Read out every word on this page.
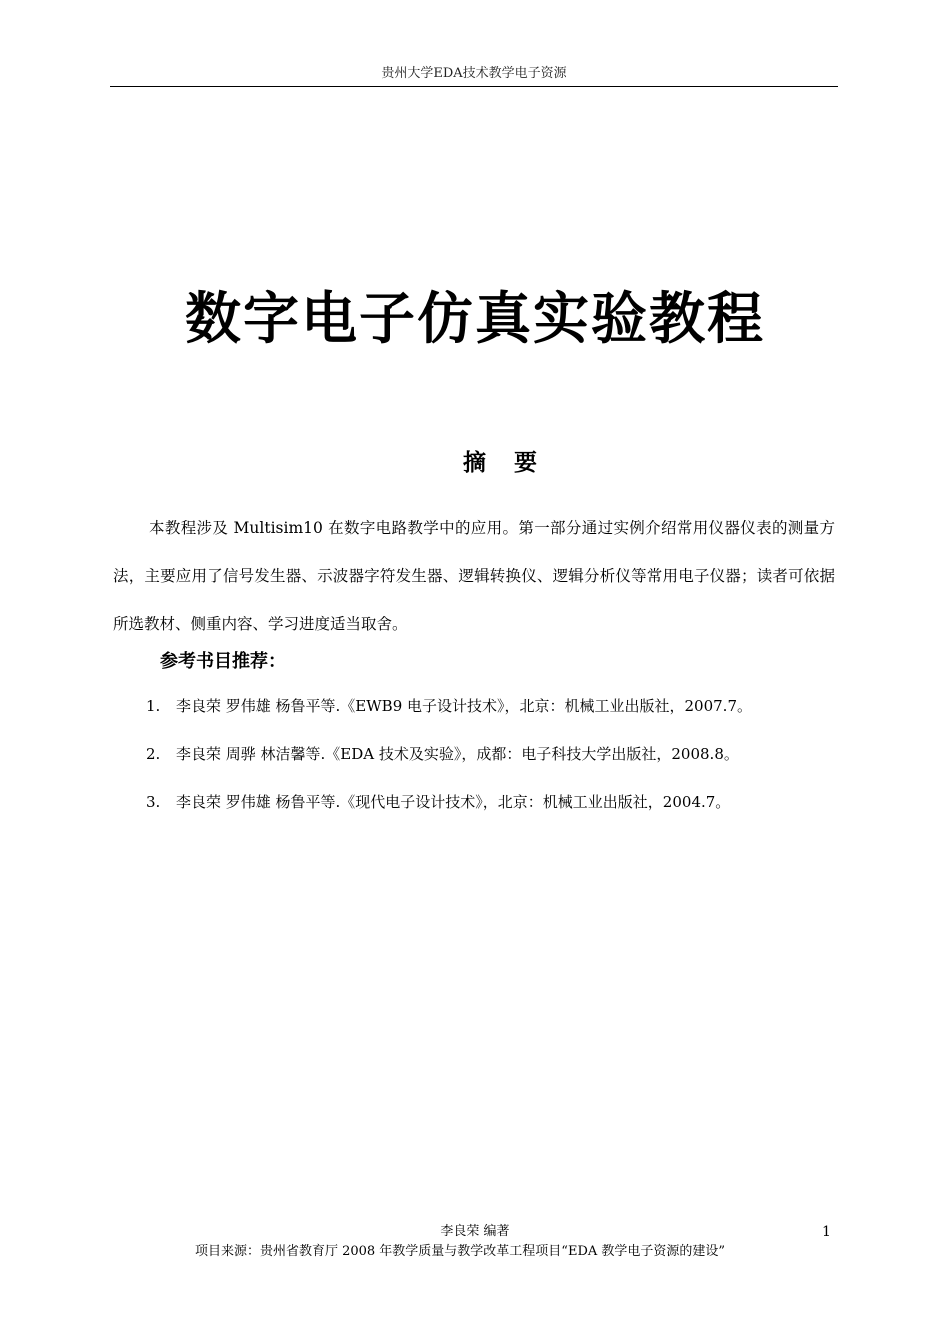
贵州大学EDA技术教学电子资源
数字电子仿真实验教程
摘 要

本教程涉及 Multisim10 在数字电路教学中的应用。第一部分通过实例介绍常用仪器仪表的测量方法，主要应用了信号发生器、示波器字符发生器、逻辑转换仪、逻辑分析仪等常用电子仪器；读者可依据所选教材、侧重内容、学习进度适当取舍。

参考书目推荐：
1. 李良荣 罗伟雄 杨鲁平等.《EWB9 电子设计技术》，北京：机械工业出版社，2007.7。
2. 李良荣 周骅 林洁馨等.《EDA 技术及实验》，成都：电子科技大学出版社，2008.8。
3. 李良荣 罗伟雄 杨鲁平等.《现代电子设计技术》，北京：机械工业出版社，2004.7。
李良荣 编著	1
项目来源：贵州省教育厅 2008 年教学质量与教学改革工程项目“EDA 教学电子资源的建设”
